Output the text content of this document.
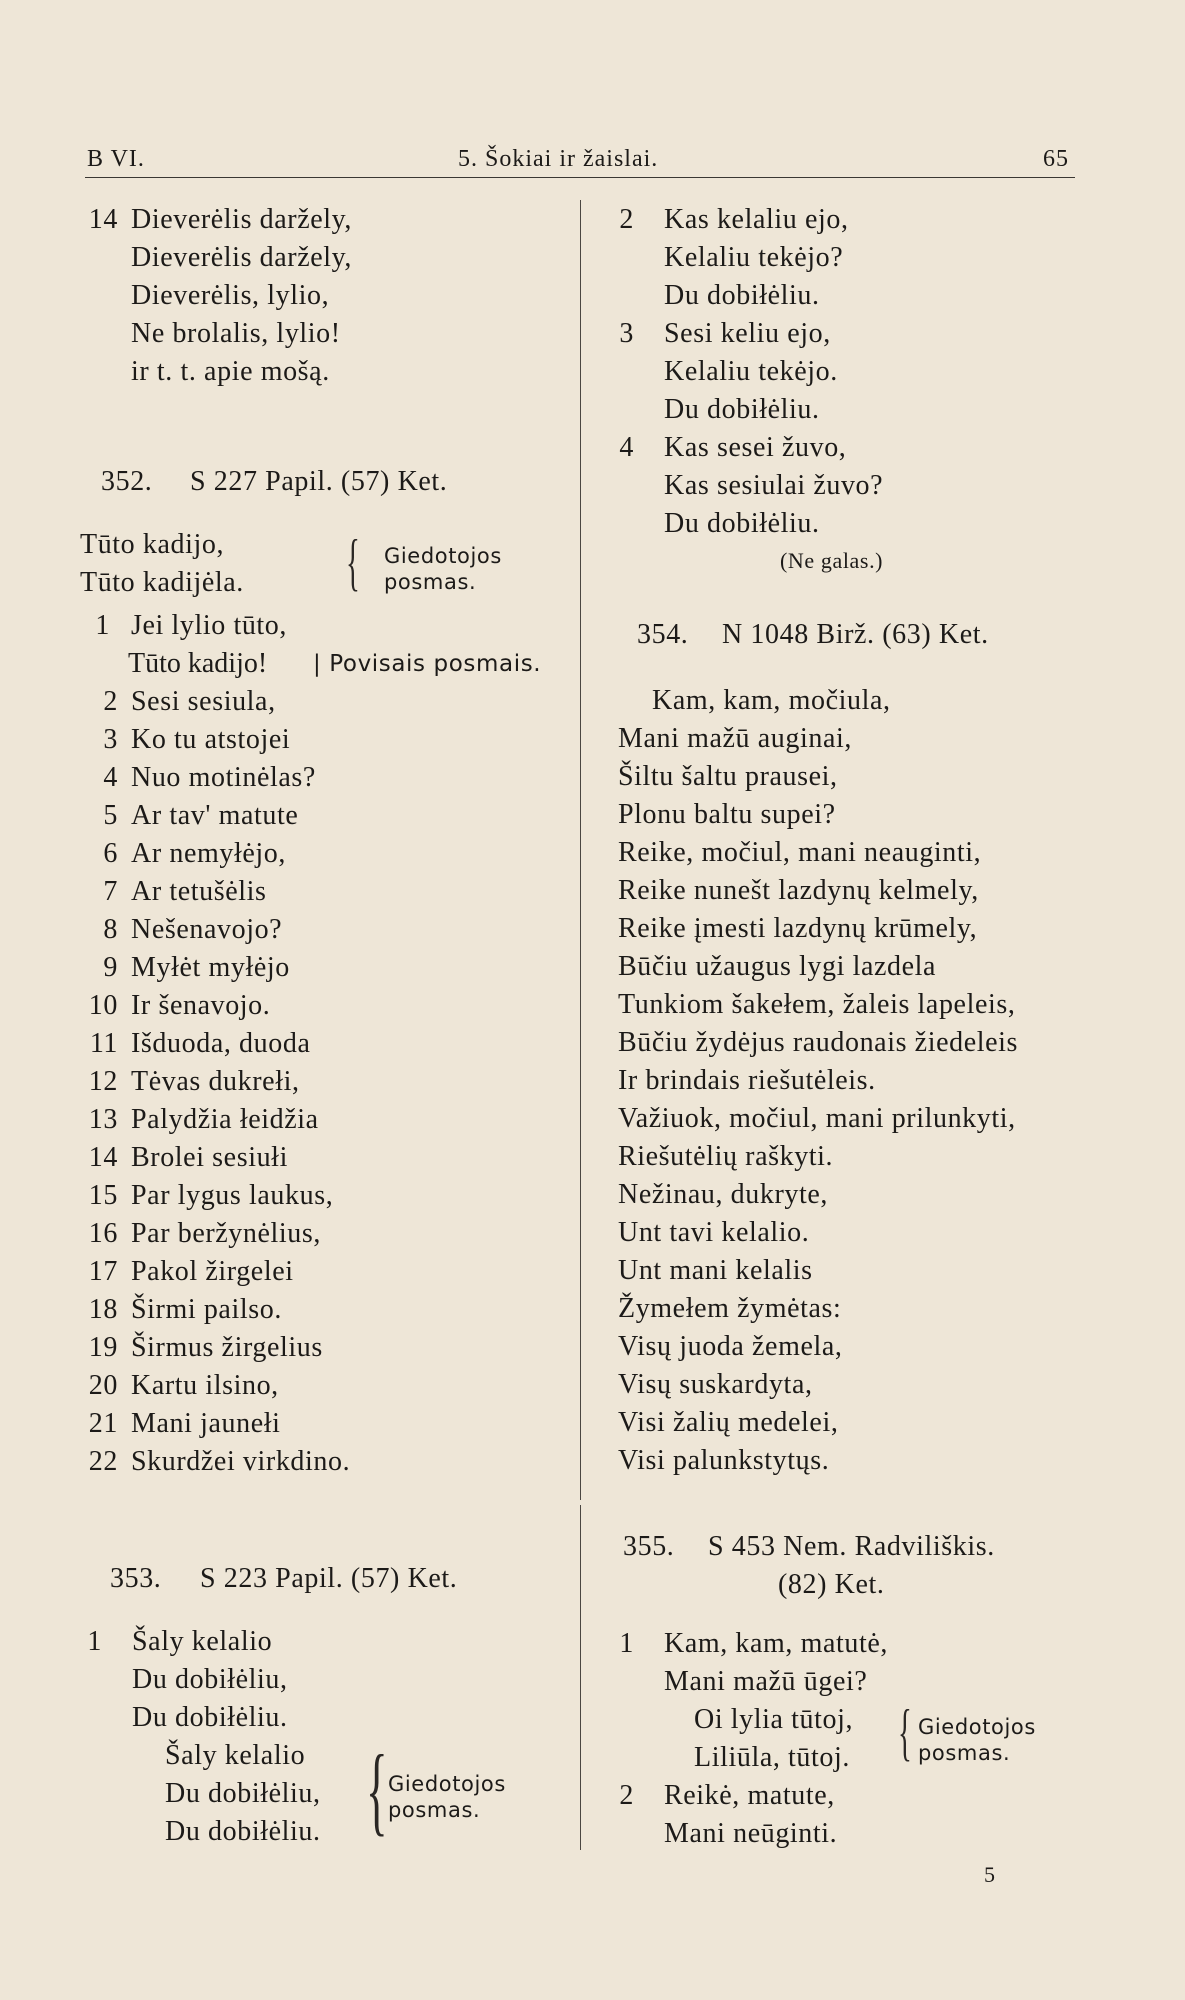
B VI.	5. Šokiai ir žaislai.	65
14 Dieverėlis daržely,
Dieverėlis daržely,
Dieverėlis, lylio,
Ne brolalis, lylio!
ir t. t. apie mošą.
352. S 227 Papil. (57) Ket.
Tūto kadijo,
Tūto kadijėla. { Giedotojos
posmas.
1 Jei lylio tūto,
Tūto kadijo! | Povisais posmais.
2 Sesi sesiula,
3 Ko tu atstojei
4 Nuo motinėlas?
5 Ar tav' matute
6 Ar nemyłėjo,
7 Ar tetušėlis
8 Nešenavojo?
9 Myłėt myłėjo
10 Ir šenavojo.
11 Išduoda, duoda
12 Tėvas dukrełi,
13 Palydžia łeidžia
14 Brolei sesiułi
15 Par lygus laukus,
16 Par beržynėlius,
17 Pakol žirgelei
18 Širmi pailso.
19 Širmus žirgelius
20 Kartu ilsino,
21 Mani jaunełi
22 Skurdžei virkdino.
353. S 223 Papil. (57) Ket.
1 Šaly kelalio
Du dobiłėliu,
Du dobiłėliu.
Šaly kelalio
Du dobiłėliu,
Du dobiłėliu. { Giedotojos
posmas.
2 Kas kelaliu ejo,
Kelaliu tekėjo?
Du dobiłėliu.
3 Sesi keliu ejo,
Kelaliu tekėjo.
Du dobiłėliu.
4 Kas sesei žuvo,
Kas sesiulai žuvo?
Du dobiłėliu.
(Ne galas.)
354. N 1048 Birž. (63) Ket.
Kam, kam, močiula,
Mani mažū auginai,
Šiltu šaltu prausei,
Plonu baltu supei?
Reike, močiul, mani neauginti,
Reike nunešt lazdynų kelmely,
Reike įmesti lazdynų krūmely,
Būčiu užaugus lygi lazdela
Tunkiom šakełem, žaleis lapeleis,
Būčiu žydėjus raudonais žiedeleis
Ir brindais riešutėleis.
Važiuok, močiul, mani prilunkyti,
Riešutėlių raškyti.
Nežinau, dukryte,
Unt tavi kelalio.
Unt mani kelalis
Žymełem žymėtas:
Visų juoda žemela,
Visų suskardyta,
Visi žalių medelei,
Visi palunkstytųs.
355. S 453 Nem. Radviliškis.
(82) Ket.
1 Kam, kam, matutė,
Mani mažū ūgei?
Oi lylia tūtoj,
Liliūla, tūtoj. { Giedotojos
posmas.
2 Reikė, matute,
Mani neūginti.
5
